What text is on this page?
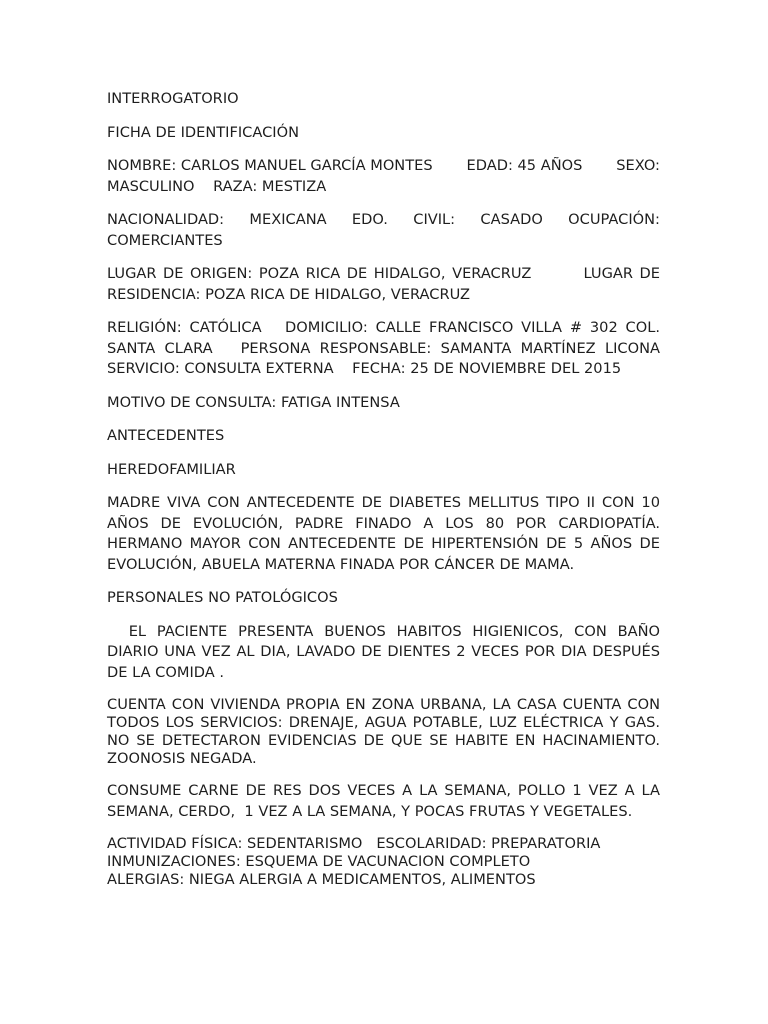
INTERROGATORIO

FICHA DE IDENTIFICACIÓN

NOMBRE: CARLOS MANUEL GARCÍA MONTES EDAD: 45 AÑOS SEXO:
MASCULINO    RAZA: MESTIZA
NACIONALIDAD: MEXICANA EDO. CIVIL: CASADO OCUPACIÓN:
COMERCIANTES

LUGAR DE ORIGEN: POZA RICA DE HIDALGO, VERACRUZ        LUGAR DE RESIDENCIA: POZA RICA DE HIDALGO, VERACRUZ

RELIGIÓN: CATÓLICA   DOMICILIO: CALLE FRANCISCO VILLA # 302 COL. SANTA CLARA   PERSONA RESPONSABLE: SAMANTA MARTÍNEZ LICONA SERVICIO: CONSULTA EXTERNA    FECHA: 25 DE NOVIEMBRE DEL 2015

MOTIVO DE CONSULTA: FATIGA INTENSA

ANTECEDENTES

HEREDOFAMILIAR

MADRE VIVA CON ANTECEDENTE DE DIABETES MELLITUS TIPO II CON 10 AÑOS DE EVOLUCIÓN, PADRE FINADO A LOS 80 POR CARDIOPATÍA. HERMANO MAYOR CON ANTECEDENTE DE HIPERTENSIÓN DE 5 AÑOS DE EVOLUCIÓN, ABUELA MATERNA FINADA POR CÁNCER DE MAMA.

PERSONALES NO PATOLÓGICOS

EL PACIENTE PRESENTA BUENOS HABITOS HIGIENICOS, CON BAÑO DIARIO UNA VEZ AL DIA, LAVADO DE DIENTES 2 VECES POR DIA DESPUÉS DE LA COMIDA .

CUENTA CON VIVIENDA PROPIA EN ZONA URBANA, LA CASA CUENTA CON TODOS LOS SERVICIOS: DRENAJE, AGUA POTABLE, LUZ ELÉCTRICA Y GAS. NO SE DETECTARON EVIDENCIAS DE QUE SE HABITE EN HACINAMIENTO. ZOONOSIS NEGADA.

CONSUME CARNE DE RES DOS VECES A LA SEMANA, POLLO 1 VEZ A LA SEMANA, CERDO,  1 VEZ A LA SEMANA, Y POCAS FRUTAS Y VEGETALES.

ACTIVIDAD FÍSICA: SEDENTARISMO   ESCOLARIDAD: PREPARATORIA
INMUNIZACIONES: ESQUEMA DE VACUNACION COMPLETO
ALERGIAS: NIEGA ALERGIA A MEDICAMENTOS, ALIMENTOS
